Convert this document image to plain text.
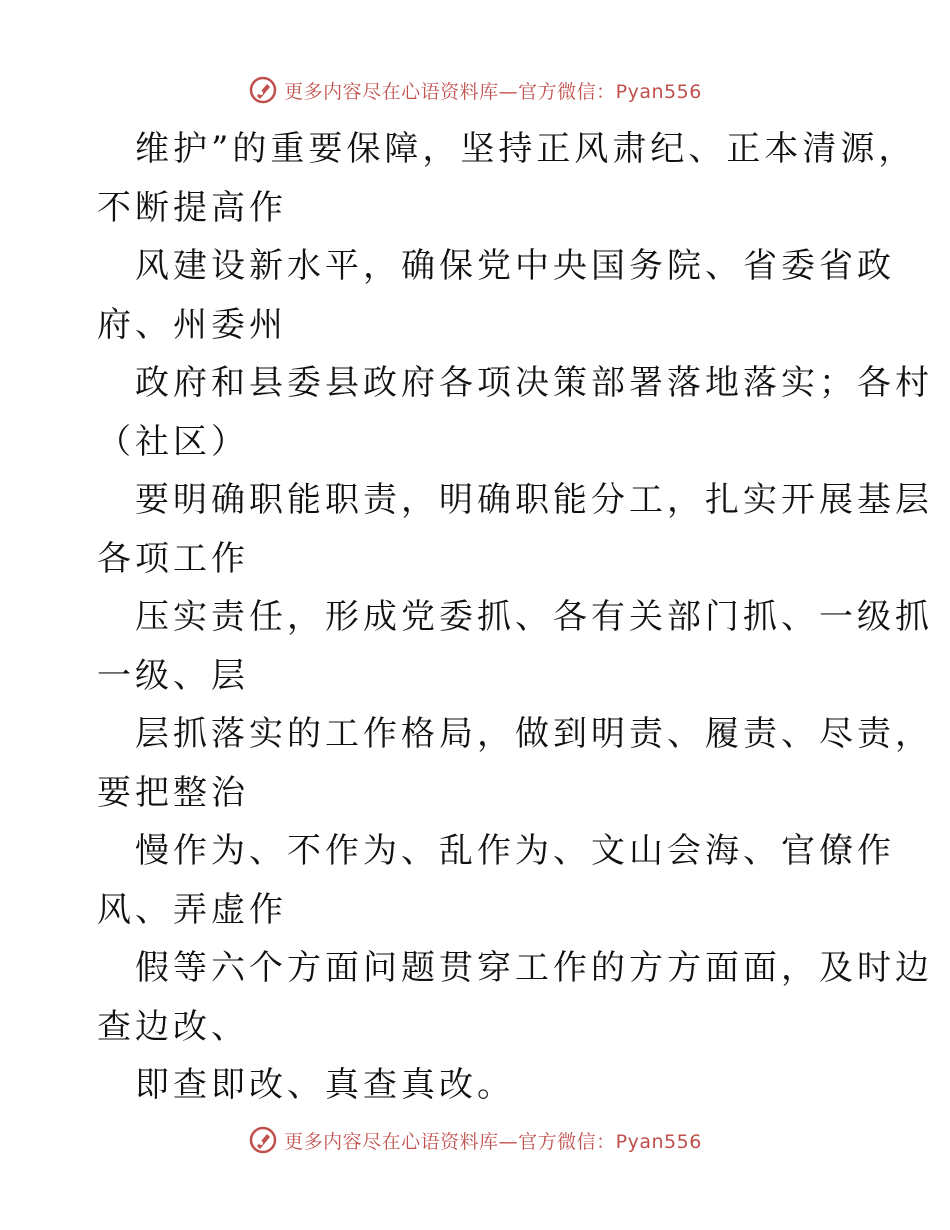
更多内容尽在心语资料库—官方微信：Pyan556
维护”的重要保障，坚持正风肃纪、正本清源，
不断提高作
风建设新水平，确保党中央国务院、省委省政
府、州委州
政府和县委县政府各项决策部署落地落实；各村
（社区）
要明确职能职责，明确职能分工，扎实开展基层
各项工作
压实责任，形成党委抓、各有关部门抓、一级抓
一级、层
层抓落实的工作格局，做到明责、履责、尽责，
要把整治
慢作为、不作为、乱作为、文山会海、官僚作
风、弄虚作
假等六个方面问题贯穿工作的方方面面，及时边
查边改、
即查即改、真查真改。
更多内容尽在心语资料库—官方微信：Pyan556
